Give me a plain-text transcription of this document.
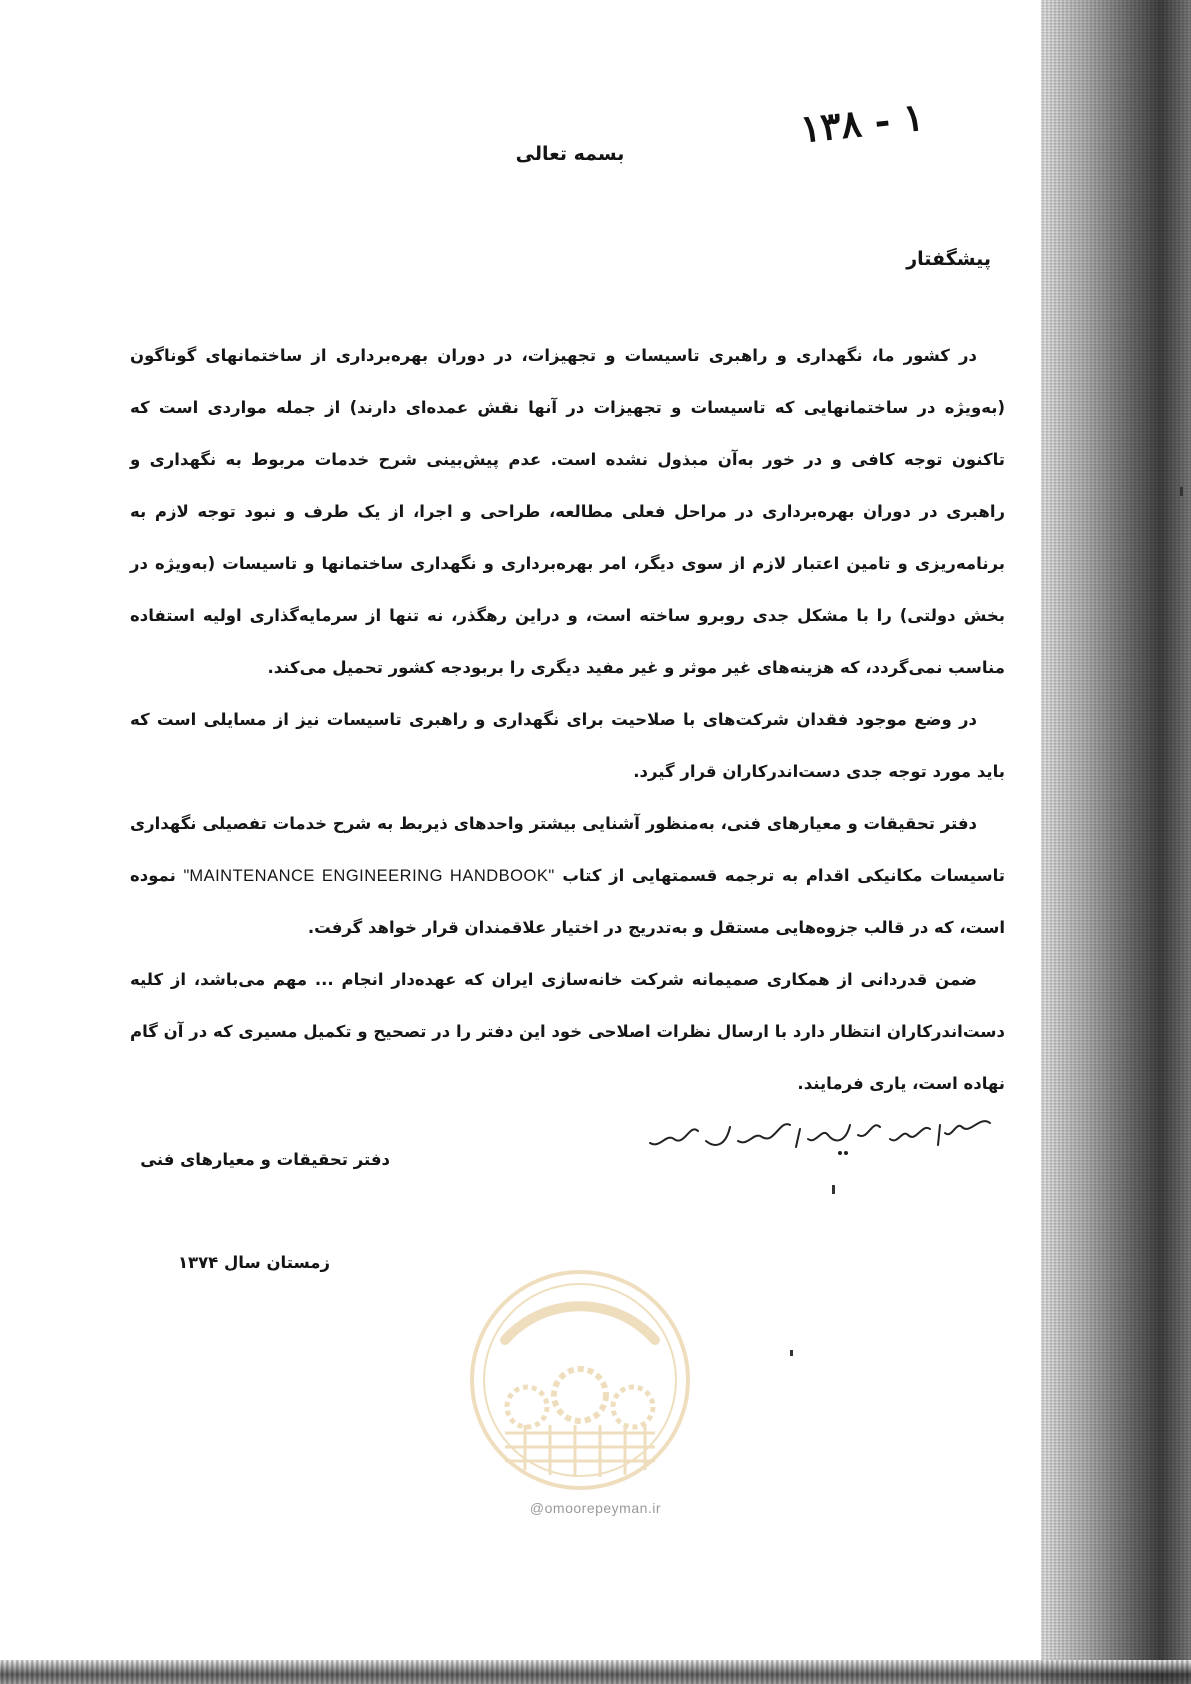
۱۳۸ - ۱
بسمه تعالی
پیشگفتار

در کشور ما، نگهداری و راهبری تاسیسات و تجهیزات، در دوران بهره‌برداری از ساختمانهای گوناگون (به‌ویژه در ساختمانهایی که تاسیسات و تجهیزات در آنها نقش عمده‌ای دارند) از جمله مواردی است که تاکنون توجه کافی و در خور به‌آن مبذول نشده است. عدم پیش‌بینی شرح خدمات مربوط به نگهداری و راهبری در دوران بهره‌برداری در مراحل فعلی مطالعه، طراحی و اجرا، از یک طرف و نبود توجه لازم به برنامه‌ریزی و تامین اعتبار لازم از سوی دیگر، امر بهره‌برداری و نگهداری ساختمانها و تاسیسات (به‌ویژه در بخش دولتی) را با مشکل جدی روبرو ساخته است، و دراین رهگذر، نه تنها از سرمایه‌گذاری اولیه استفاده مناسب نمی‌گردد، که هزینه‌های غیر موثر و غیر مفید دیگری را بربودجه کشور تحمیل می‌کند.

در وضع موجود فقدان شرکت‌های با صلاحیت برای نگهداری و راهبری تاسیسات نیز از مسایلی است که باید مورد توجه جدی دست‌اندرکاران قرار گیرد.

دفتر تحقیقات و معیارهای فنی، به‌منظور آشنایی بیشتر واحدهای ذیربط به شرح خدمات تفصیلی نگهداری تاسیسات مکانیکی اقدام به ترجمه قسمتهایی از کتاب "MAINTENANCE ENGINEERING HANDBOOK" نموده است، که در قالب جزوه‌هایی مستقل و به‌تدریج در اختیار علاقمندان قرار خواهد گرفت.

ضمن قدردانی از همکاری صمیمانه شرکت خانه‌سازی ایران که عهده‌دار انجام ... مهم می‌باشد، از کلیه دست‌اندرکاران انتظار دارد با ارسال نظرات اصلاحی خود این دفتر را در تصحیح و تکمیل مسیری که در آن گام نهاده است، یاری فرمایند.

دفتر تحقیقات و معیارهای فنی
زمستان سال ۱۳۷۴
@omoorepeyman.ir
